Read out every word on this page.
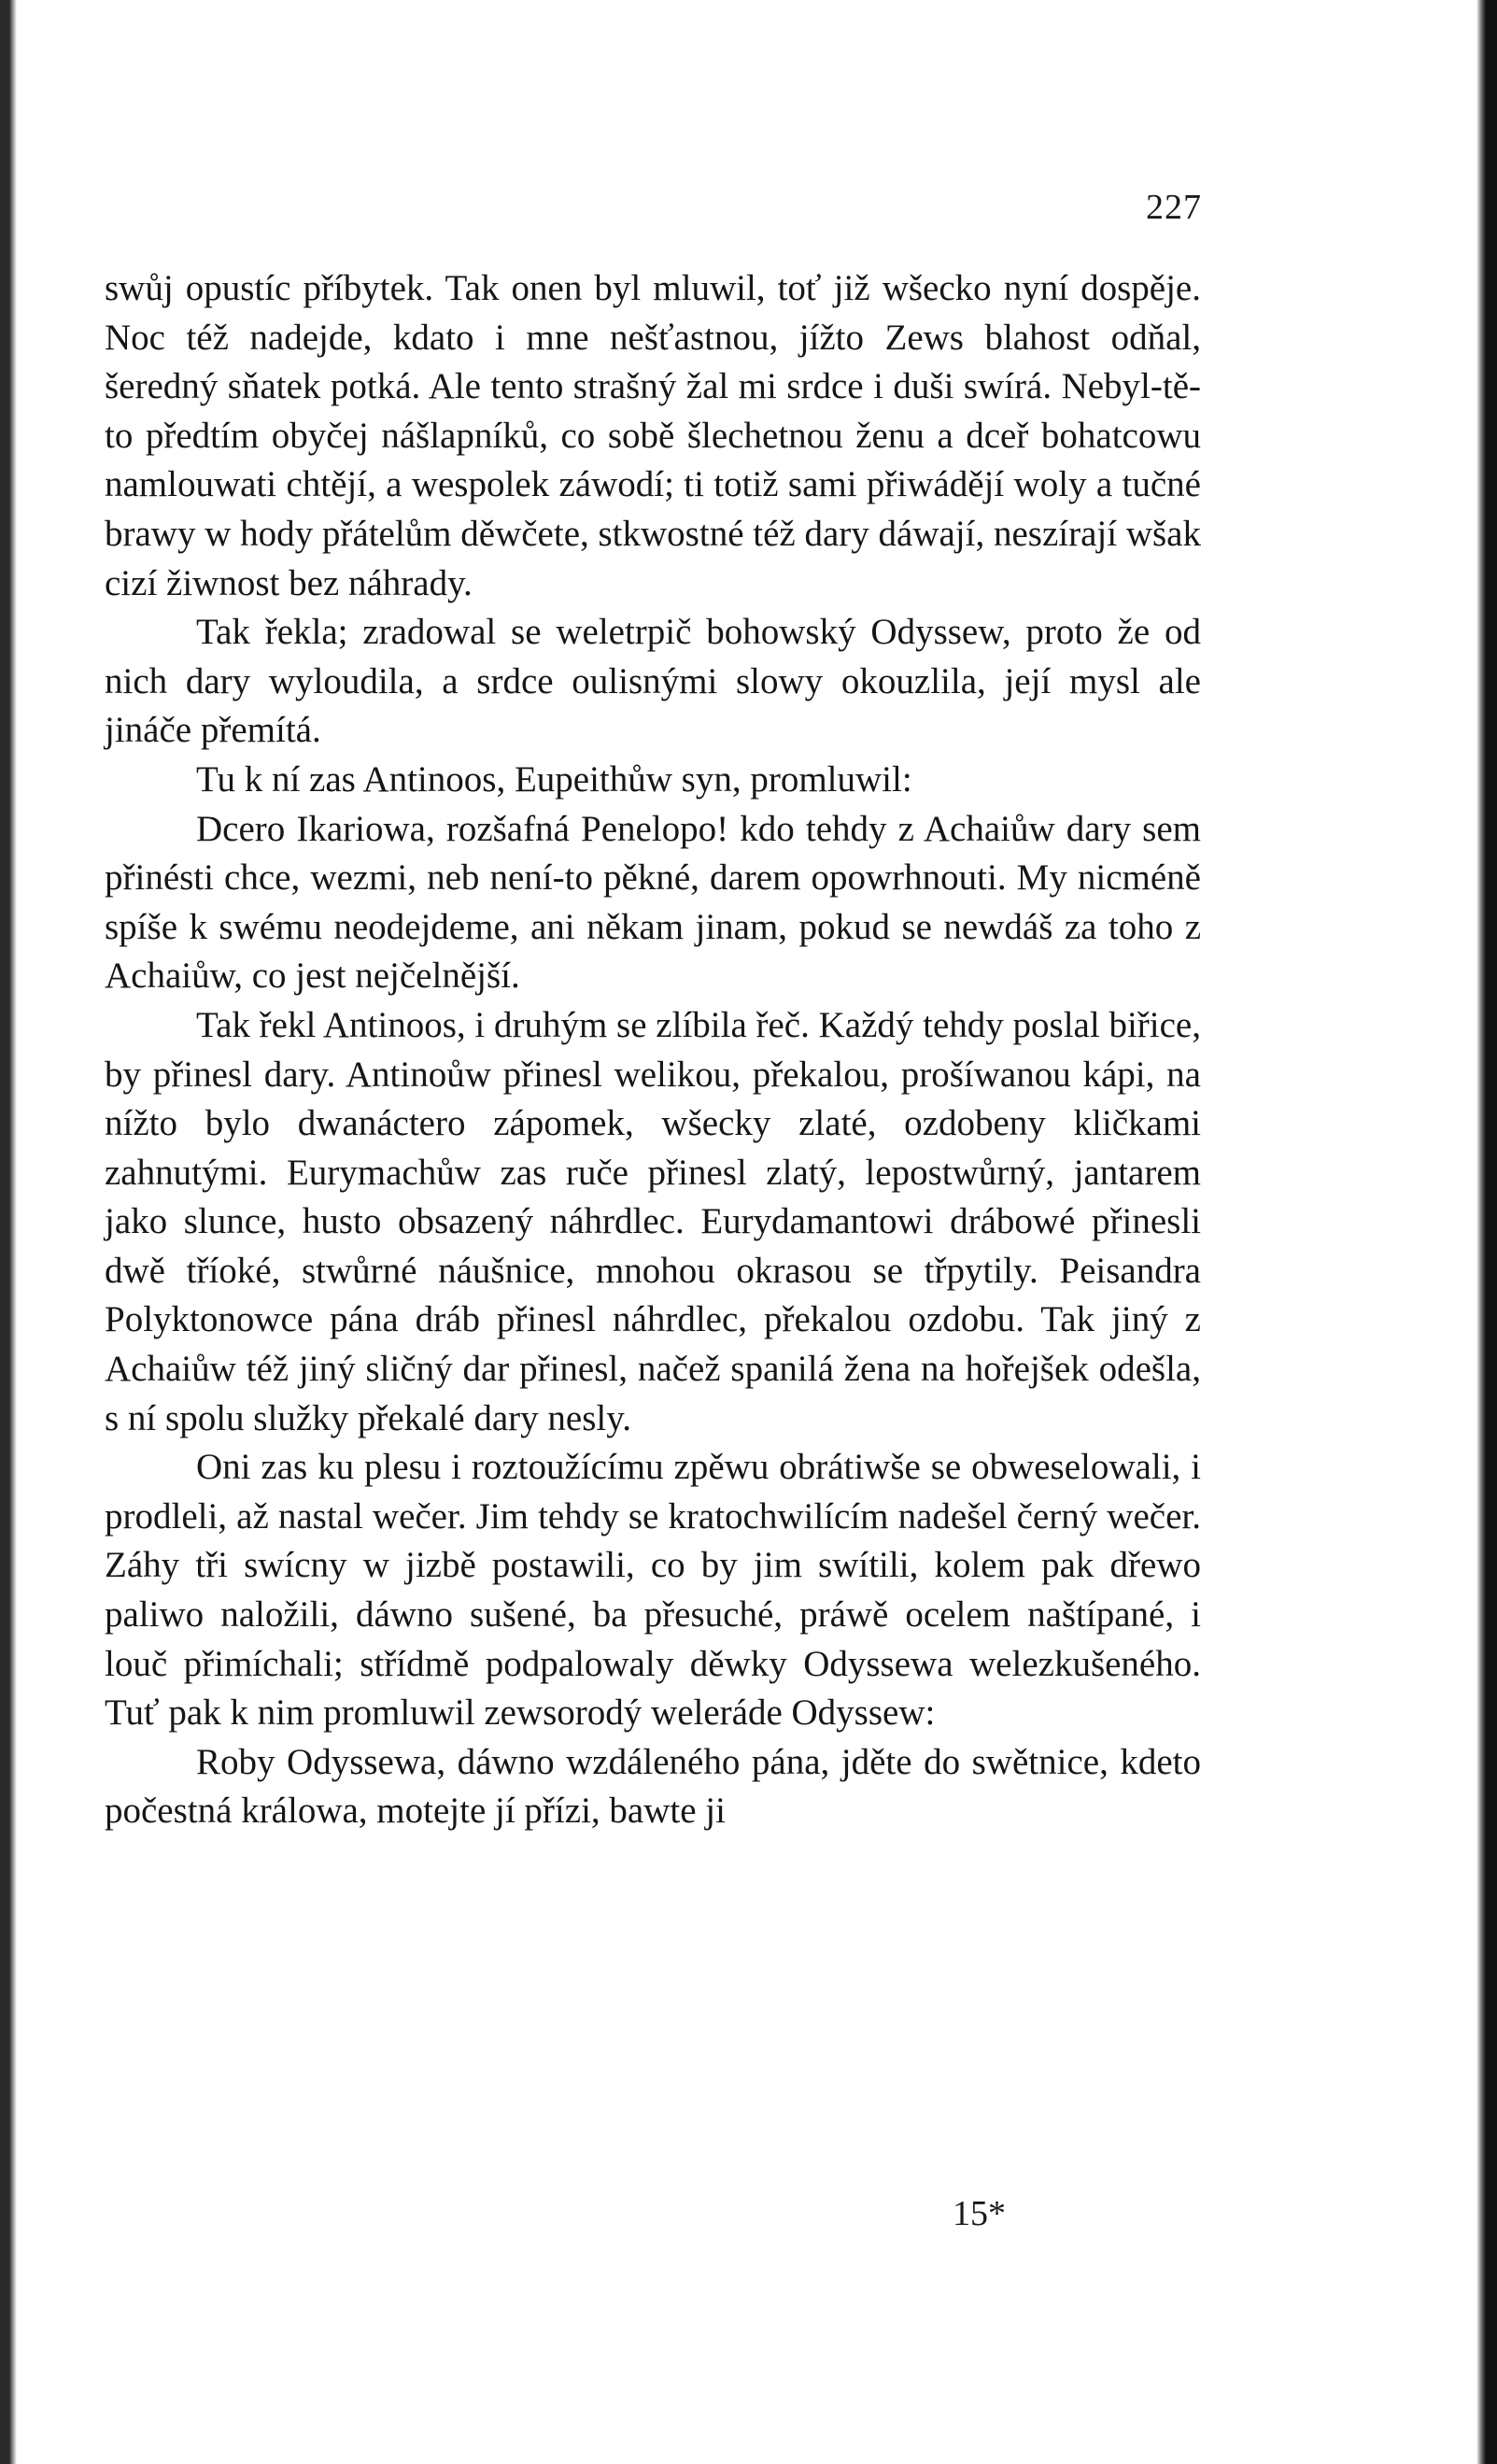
227

swůj opustíc příbytek. Tak onen byl mluwil, toť již wšecko nyní dospěje. Noc též nadejde, kdato i mne nešťastnou, jížto Zews blahost odňal, šeredný sňatek potká. Ale tento strašný žal mi srdce i duši swírá. Nebyl-tě-to předtím obyčej nášlapníků, co sobě šlechetnou ženu a dceř bohatcowu namlouwati chtějí, a wespolek záwodí; ti totiž sami přiwádějí woly a tučné brawy w hody přátelům děwčete, stkwostné též dary dáwají, neszírají wšak cizí žiwnost bez náhrady.

Tak řekla; zradowal se weletrpič bohowský Odyssew, proto že od nich dary wyloudila, a srdce oulisnými slowy okouzlila, její mysl ale jináče přemítá.

Tu k ní zas Antinoos, Eupeithůw syn, promluwil:

Dcero Ikariowa, rozšafná Penelopo! kdo tehdy z Achaiůw dary sem přinésti chce, wezmi, neb není-to pěkné, darem opowrhnouti. My nicméně spíše k swému neodejdeme, ani někam jinam, pokud se newdáš za toho z Achaiůw, co jest nejčelnější.

Tak řekl Antinoos, i druhým se zlíbila řeč. Každý tehdy poslal biřice, by přinesl dary. Antinoůw přinesl welikou, překalou, prošíwanou kápi, na nížto bylo dwanáctero zápomek, wšecky zlaté, ozdobeny kličkami zahnutými. Eurymachůw zas ruče přinesl zlatý, lepostwůrný, jantarem jako slunce, husto obsazený náhrdlec. Eurydamantowi drábowé přinesli dwě tříoké, stwůrné náušnice, mnohou okrasou se třpytily. Peisandra Polyktonowce pána dráb přinesl náhrdlec, překalou ozdobu. Tak jiný z Achaiůw též jiný sličný dar přinesl, načež spanilá žena na hořejšek odešla, s ní spolu služky překalé dary nesly.

Oni zas ku plesu i roztoužícímu zpěwu obrátiwše se obweselowali, i prodleli, až nastal wečer. Jim tehdy se kratochwilícím nadešel černý wečer. Záhy tři swícny w jizbě postawili, co by jim swítili, kolem pak dřewo paliwo naložili, dáwno sušené, ba přesuché, práwě ocelem naštípané, i louč přimíchali; střídmě podpalowaly děwky Odyssewa welezkušeného. Tuť pak k nim promluwil zewsorodý weleráde Odyssew:

Roby Odyssewa, dáwno wzdáleného pána, jděte do swětnice, kdeto počestná králowa, motejte jí přízi, bawte ji

15*
